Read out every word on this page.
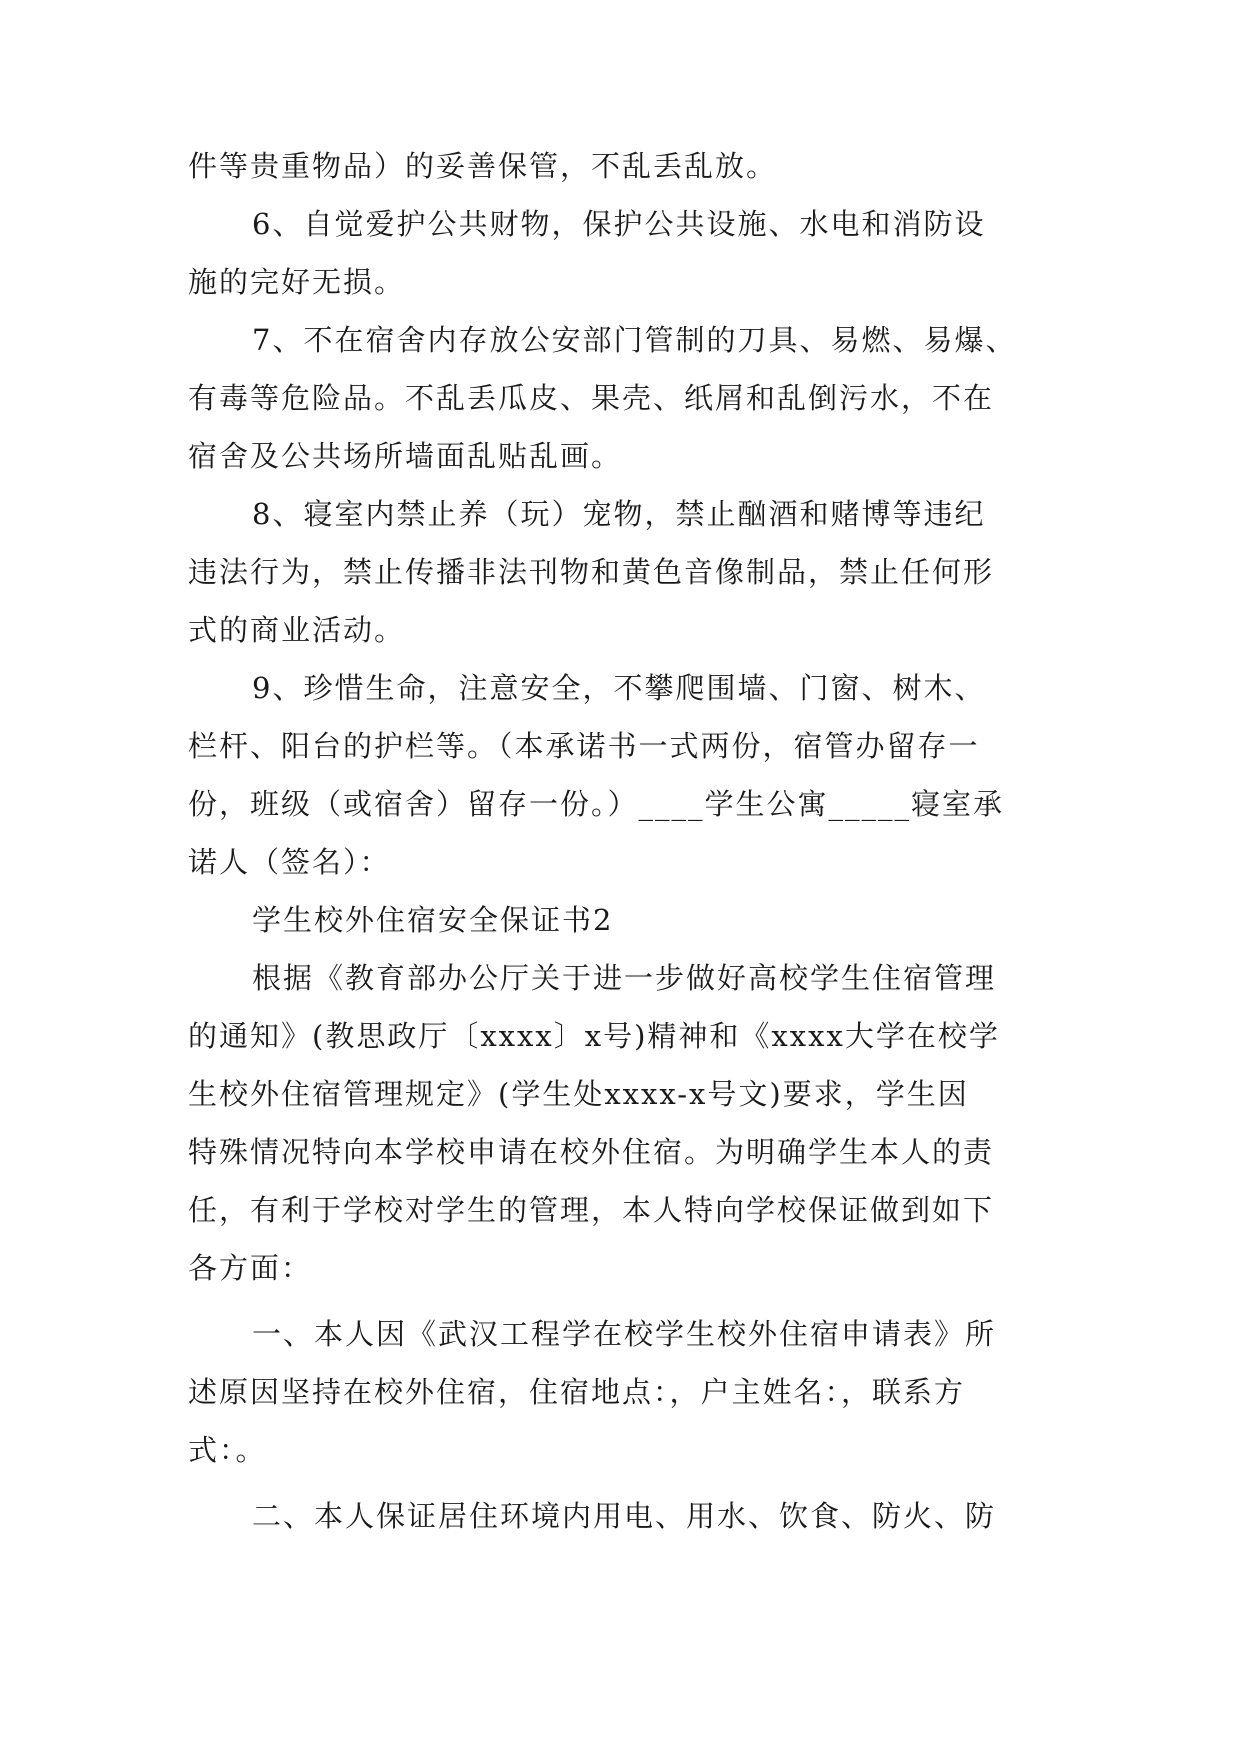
件等贵重物品）的妥善保管，不乱丢乱放。
6、自觉爱护公共财物，保护公共设施、水电和消防设
施的完好无损。
7、不在宿舍内存放公安部门管制的刀具、易燃、易爆、
有毒等危险品。不乱丢瓜皮、果壳、纸屑和乱倒污水，不在
宿舍及公共场所墙面乱贴乱画。
8、寝室内禁止养（玩）宠物，禁止酗酒和赌博等违纪
违法行为，禁止传播非法刊物和黄色音像制品，禁止任何形
式的商业活动。
9、珍惜生命，注意安全，不攀爬围墙、门窗、树木、
栏杆、阳台的护栏等。（本承诺书一式两份，宿管办留存一
份，班级（或宿舍）留存一份。）____学生公寓_____寝室承
诺人（签名）：
学生校外住宿安全保证书2
根据《教育部办公厅关于进一步做好高校学生住宿管理
的通知》(教思政厅〔xxxx〕x号)精神和《xxxx大学在校学
生校外住宿管理规定》(学生处xxxx-x号文)要求，学生因
特殊情况特向本学校申请在校外住宿。为明确学生本人的责
任，有利于学校对学生的管理，本人特向学校保证做到如下
各方面：
一、本人因《武汉工程学在校学生校外住宿申请表》所
述原因坚持在校外住宿，住宿地点：，户主姓名：，联系方
式：。
二、本人保证居住环境内用电、用水、饮食、防火、防
